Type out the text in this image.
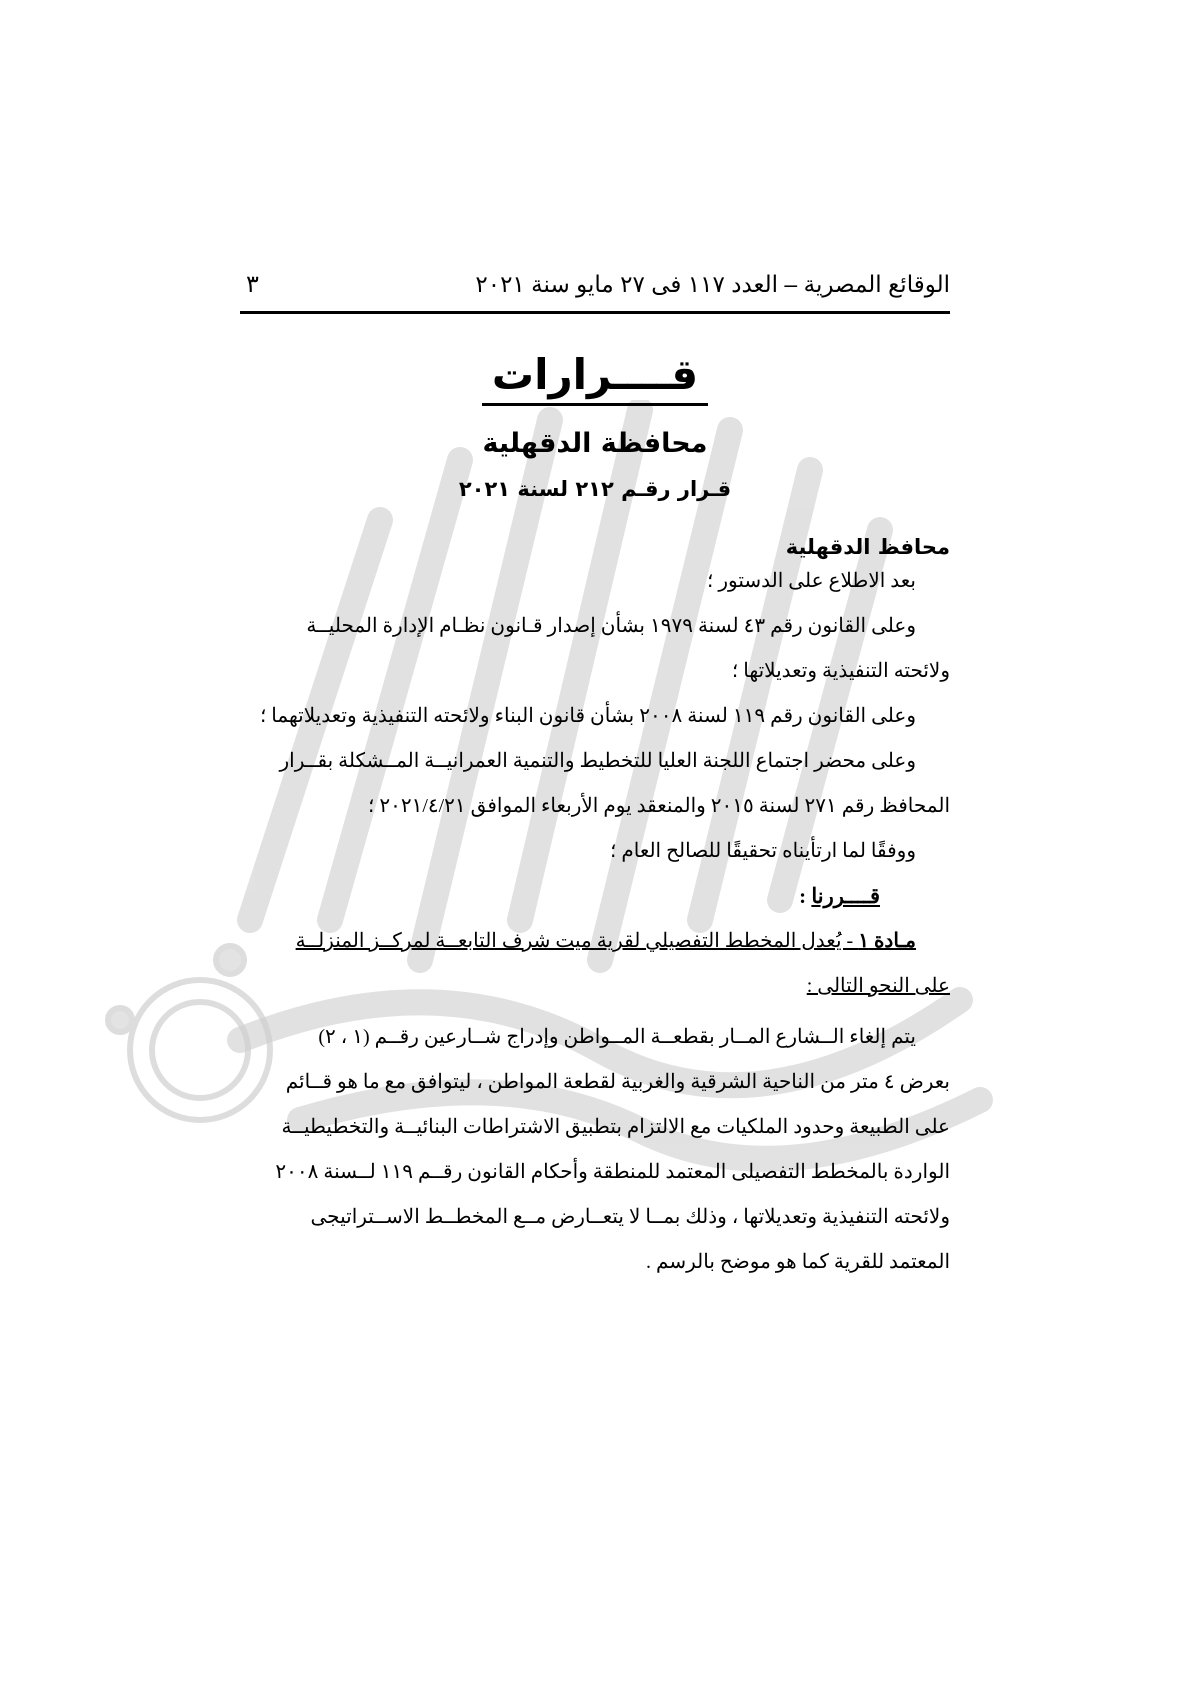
الوقائع المصرية – العدد ١١٧ فى ٢٧ مايو سنة ٢٠٢١
٣
قــــرارات
محافظة الدقهلية
قـرار رقـم ٢١٢ لسنة ٢٠٢١
محافظ الدقهلية

بعد الاطلاع على الدستور ؛

وعلى القانون رقم ٤٣ لسنة ١٩٧٩ بشأن إصدار قـانون نظـام الإدارة المحليــة

ولائحته التنفيذية وتعديلاتها ؛

وعلى القانون رقم ١١٩ لسنة ٢٠٠٨ بشأن قانون البناء ولائحته التنفيذية وتعديلاتهما ؛

وعلى محضر اجتماع اللجنة العليا للتخطيط والتنمية العمرانيــة المــشكلة بقــرار

المحافظ رقم ٢٧١ لسنة ٢٠١٥ والمنعقد يوم الأربعاء الموافق ٢٠٢١/٤/٢١ ؛

ووفقًا لما ارتأيناه تحقيقًا للصالح العام ؛

قــــررنا :

مـادة ١ - يُعدل المخطط التفصيلي لقرية ميت شرف التابعــة لمركــز المنزلــة

على النحو التالى :

يتم إلغاء الــشارع المــار بقطعــة المــواطن وإدراج شــارعين رقــم (١ ، ٢)

بعرض ٤ متر من الناحية الشرقية والغربية لقطعة المواطن ، ليتوافق مع ما هو قــائم

على الطبيعة وحدود الملكيات مع الالتزام بتطبيق الاشتراطات البنائيــة والتخطيطيــة

الواردة بالمخطط التفصيلى المعتمد للمنطقة وأحكام القانون رقــم ١١٩ لــسنة ٢٠٠٨

ولائحته التنفيذية وتعديلاتها ، وذلك بمــا لا يتعــارض مــع المخطــط الاســتراتيجى

المعتمد للقرية كما هو موضح بالرسم .
